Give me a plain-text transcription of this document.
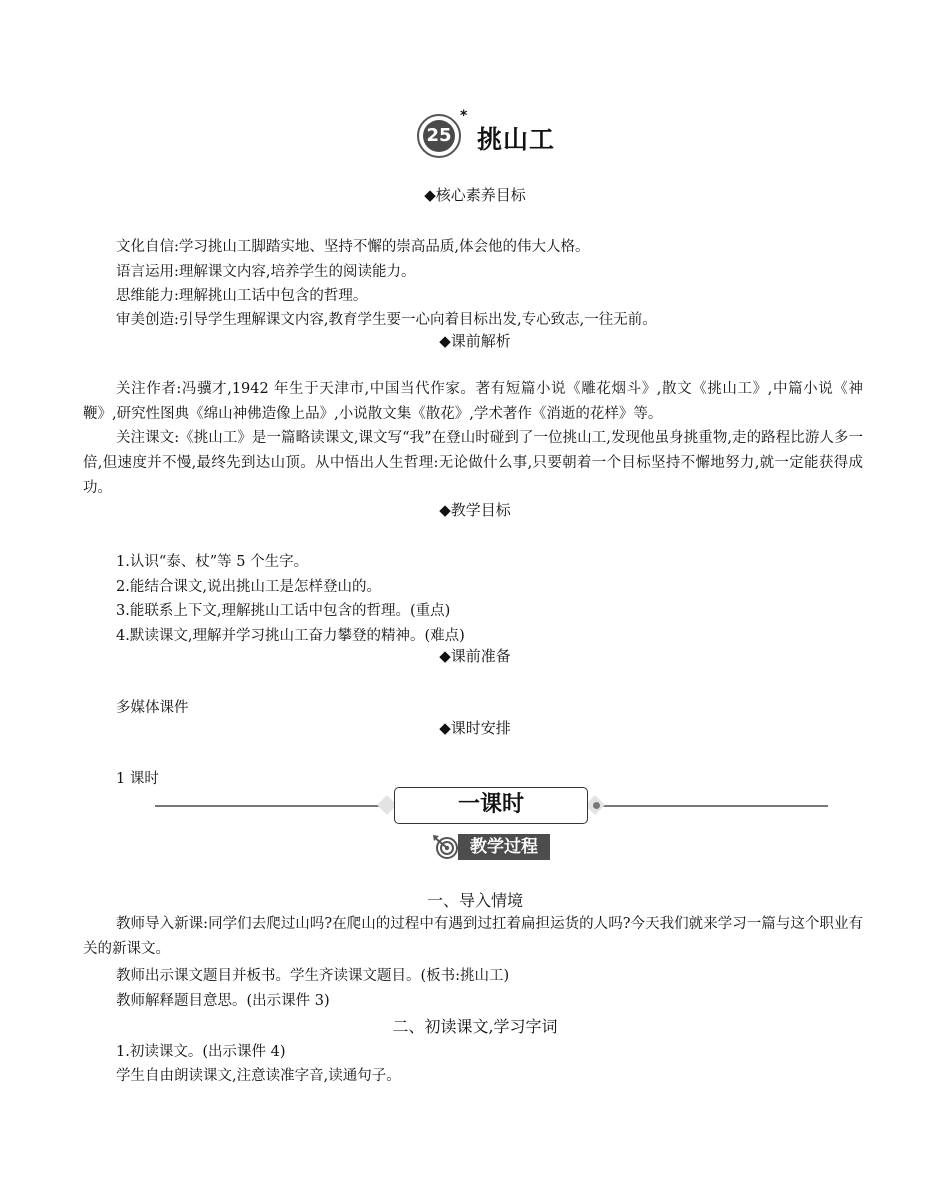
25
*
挑山工
◆核心素养目标
文化自信:学习挑山工脚踏实地、坚持不懈的崇高品质,体会他的伟大人格。
语言运用:理解课文内容,培养学生的阅读能力。
思维能力:理解挑山工话中包含的哲理。
审美创造:引导学生理解课文内容,教育学生要一心向着目标出发,专心致志,一往无前。
◆课前解析
关注作者:冯骥才,1942 年生于天津市,中国当代作家。著有短篇小说《雕花烟斗》,散文《挑山工》,中篇小说《神鞭》,研究性图典《绵山神佛造像上品》,小说散文集《散花》,学术著作《消逝的花样》等。
关注课文:《挑山工》是一篇略读课文,课文写“我”在登山时碰到了一位挑山工,发现他虽身挑重物,走的路程比游人多一倍,但速度并不慢,最终先到达山顶。从中悟出人生哲理:无论做什么事,只要朝着一个目标坚持不懈地努力,就一定能获得成功。
◆教学目标
1.认识“泰、杖”等 5 个生字。
2.能结合课文,说出挑山工是怎样登山的。
3.能联系上下文,理解挑山工话中包含的哲理。(重点)
4.默读课文,理解并学习挑山工奋力攀登的精神。(难点)
◆课前准备
多媒体课件
◆课时安排
1 课时
一课时
教学过程
一、导入情境
教师导入新课:同学们去爬过山吗?在爬山的过程中有遇到过扛着扁担运货的人吗?今天我们就来学习一篇与这个职业有关的新课文。
教师出示课文题目并板书。学生齐读课文题目。(板书:挑山工)
教师解释题目意思。(出示课件 3)
二、初读课文,学习字词
1.初读课文。(出示课件 4)
学生自由朗读课文,注意读准字音,读通句子。
